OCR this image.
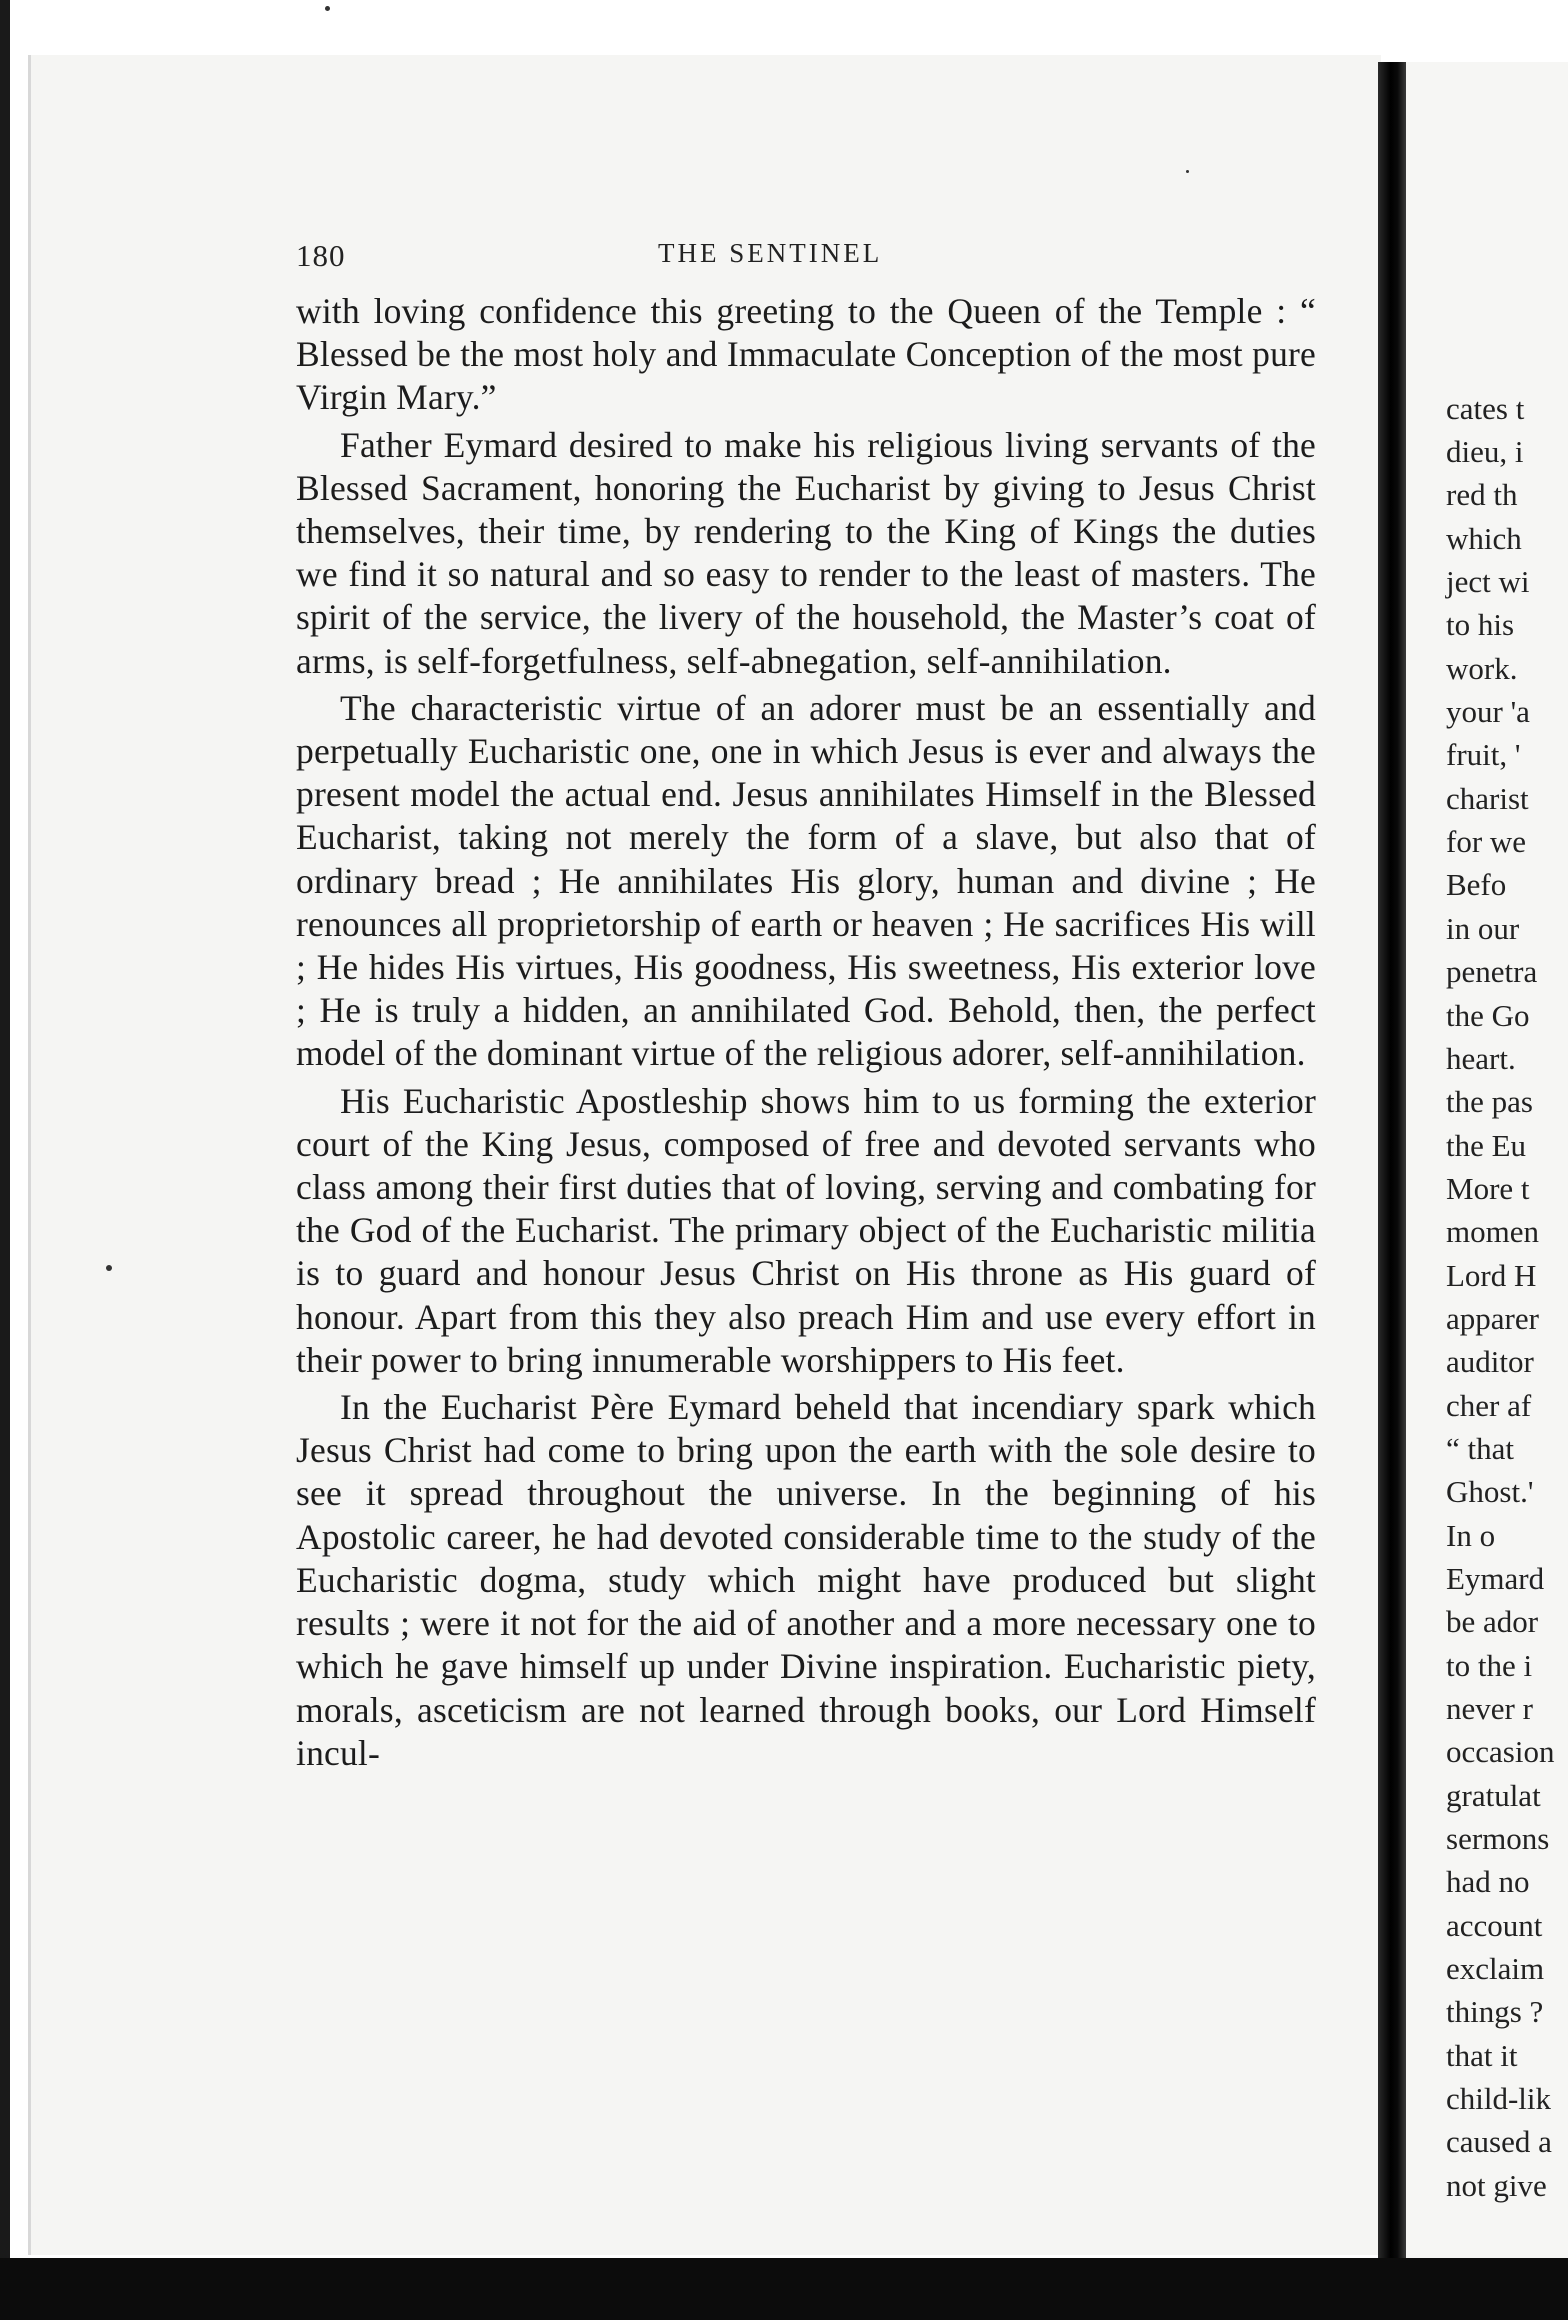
180	THE SENTINEL

with loving confidence this greeting to the Queen of the Temple : “ Blessed be the most holy and Immaculate Conception of the most pure Virgin Mary.”

Father Eymard desired to make his religious living servants of the Blessed Sacrament, honoring the Eucharist by giving to Jesus Christ themselves, their time, by rendering to the King of Kings the duties we find it so natural and so easy to render to the least of masters. The spirit of the service, the livery of the household, the Master’s coat of arms, is self-forgetfulness, self-abnegation, self-annihilation.

The characteristic virtue of an adorer must be an essentially and perpetually Eucharistic one, one in which Jesus is ever and always the present model the actual end. Jesus annihilates Himself in the Blessed Eucharist, taking not merely the form of a slave, but also that of ordinary bread ; He annihilates His glory, human and divine ; He renounces all proprietorship of earth or heaven ; He sacrifices His will ; He hides His virtues, His goodness, His sweetness, His exterior love ; He is truly a hidden, an annihilated God. Behold, then, the perfect model of the dominant virtue of the religious adorer, self-annihilation.

His Eucharistic Apostleship shows him to us forming the exterior court of the King Jesus, composed of free and devoted servants who class among their first duties that of loving, serving and combating for the God of the Eucharist. The primary object of the Eucharistic militia is to guard and honour Jesus Christ on His throne as His guard of honour. Apart from this they also preach Him and use every effort in their power to bring innumerable worshippers to His feet.

In the Eucharist Père Eymard beheld that incendiary spark which Jesus Christ had come to bring upon the earth with the sole desire to see it spread throughout the universe. In the beginning of his Apostolic career, he had devoted considerable time to the study of the Eucharistic dogma, study which might have produced but slight results ; were it not for the aid of another and a more necessary one to which he gave himself up under Divine inspiration. Eucharistic piety, morals, asceticism are not learned through books, our Lord Himself incul-

cates t
dieu, i
red th
which
ject wi
to his
work.
your 'a
fruit, '
charist
for we
Befo
in our
penetra
the Go
heart.
the pas
the Eu
More t
momen
Lord H
apparer
auditor
cher af
“ that
Ghost.'
In o
Eymard
be ador
to the i
never r
occasion
gratulat
sermons
had no
account
exclaim
things ?
that it
child-lik
caused a
not give
